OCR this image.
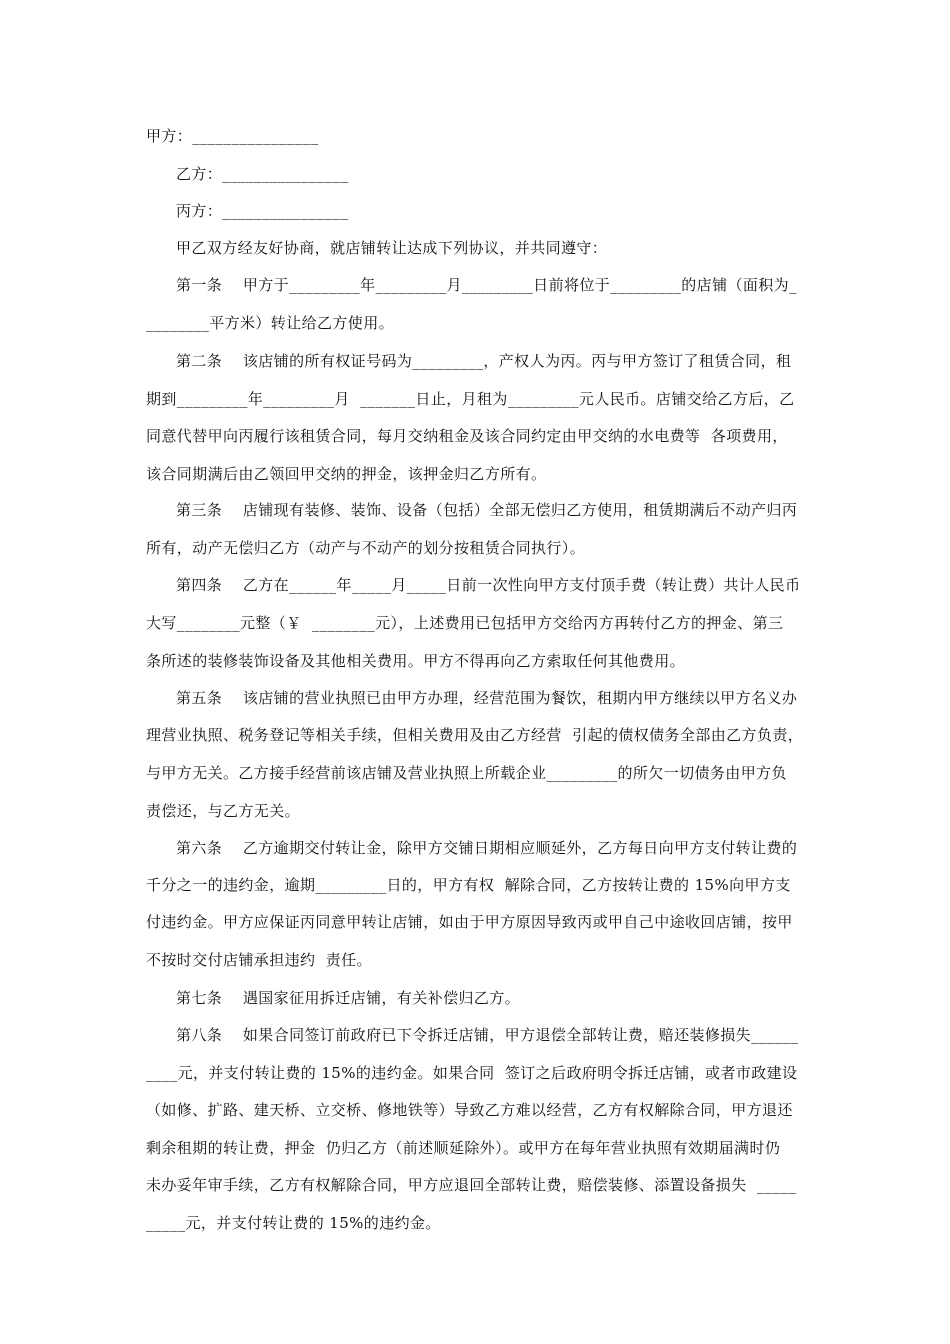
甲方：________________
乙方：________________
丙方：________________
甲乙双方经友好协商，就店铺转让达成下列协议，并共同遵守：
第一条    甲方于_________年_________月_________日前将位于_________的店铺（面积为_
________平方米）转让给乙方使用。
第二条    该店铺的所有权证号码为_________，产权人为丙。丙与甲方签订了租赁合同，租
期到_________年_________月  _______日止，月租为_________元人民币。店铺交给乙方后，乙
同意代替甲向丙履行该租赁合同，每月交纳租金及该合同约定由甲交纳的水电费等  各项费用，
该合同期满后由乙领回甲交纳的押金，该押金归乙方所有。
第三条    店铺现有装修、装饰、设备（包括）全部无偿归乙方使用，租赁期满后不动产归丙
所有，动产无偿归乙方（动产与不动产的划分按租赁合同执行）。
第四条    乙方在______年_____月_____日前一次性向甲方支付顶手费（转让费）共计人民币
大写________元整（￥  ________元），上述费用已包括甲方交给丙方再转付乙方的押金、第三
条所述的装修装饰设备及其他相关费用。甲方不得再向乙方索取任何其他费用。
第五条    该店铺的营业执照已由甲方办理，经营范围为餐饮，租期内甲方继续以甲方名义办
理营业执照、税务登记等相关手续，但相关费用及由乙方经营  引起的债权债务全部由乙方负责，
与甲方无关。乙方接手经营前该店铺及营业执照上所载企业_________的所欠一切债务由甲方负
责偿还，与乙方无关。
第六条    乙方逾期交付转让金，除甲方交铺日期相应顺延外，乙方每日向甲方支付转让费的
千分之一的违约金，逾期_________日的，甲方有权  解除合同，乙方按转让费的 15%向甲方支
付违约金。甲方应保证丙同意甲转让店铺，如由于甲方原因导致丙或甲自己中途收回店铺，按甲
不按时交付店铺承担违约  责任。
第七条    遇国家征用拆迁店铺，有关补偿归乙方。
第八条    如果合同签订前政府已下令拆迁店铺，甲方退偿全部转让费，赔还装修损失______
____元，并支付转让费的 15%的违约金。如果合同  签订之后政府明令拆迁店铺，或者市政建设
（如修、扩路、建天桥、立交桥、修地铁等）导致乙方难以经营，乙方有权解除合同，甲方退还
剩余租期的转让费，押金  仍归乙方（前述顺延除外）。或甲方在每年营业执照有效期届满时仍
未办妥年审手续，乙方有权解除合同，甲方应退回全部转让费，赔偿装修、添置设备损失  _____
_____元，并支付转让费的 15%的违约金。
